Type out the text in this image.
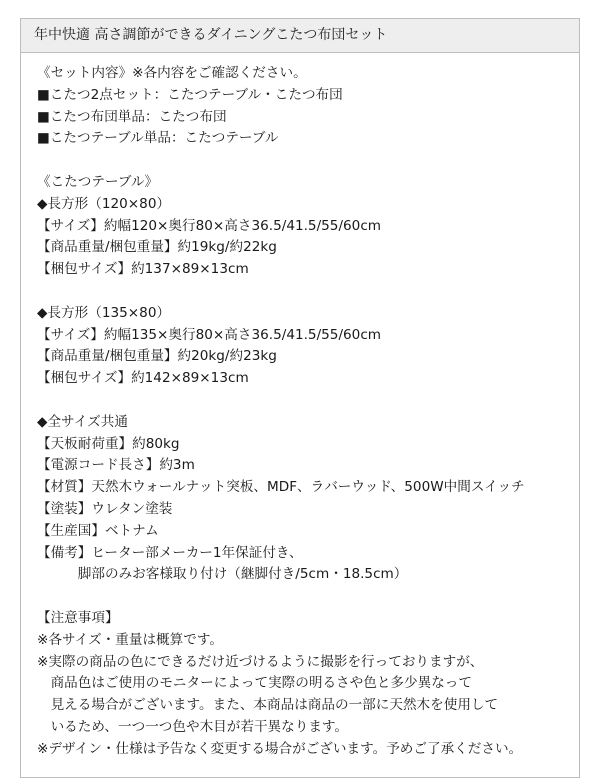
年中快適 高さ調節ができるダイニングこたつ布団セット
《セット内容》※各内容をご確認ください。
■こたつ2点セット：こたつテーブル・こたつ布団
■こたつ布団単品：こたつ布団
■こたつテーブル単品：こたつテーブル
《こたつテーブル》
◆長方形（120×80）
【サイズ】約幅120×奥行80×高さ36.5/41.5/55/60cm
【商品重量/梱包重量】約19kg/約22kg
【梱包サイズ】約137×89×13cm
◆長方形（135×80）
【サイズ】約幅135×奥行80×高さ36.5/41.5/55/60cm
【商品重量/梱包重量】約20kg/約23kg
【梱包サイズ】約142×89×13cm
◆全サイズ共通
【天板耐荷重】約80kg
【電源コード長さ】約3m
【材質】天然木ウォールナット突板、MDF、ラバーウッド、500W中間スイッチ
【塗装】ウレタン塗装
【生産国】ベトナム
【備考】ヒーター部メーカー1年保証付き、
　　　脚部のみお客様取り付け（継脚付き/5cm・18.5cm）
【注意事項】
※各サイズ・重量は概算です。
※実際の商品の色にできるだけ近づけるように撮影を行っておりますが、
　商品色はご使用のモニターによって実際の明るさや色と多少異なって
　見える場合がございます。また、本商品は商品の一部に天然木を使用して
　いるため、一つ一つ色や木目が若干異なります。
※デザイン・仕様は予告なく変更する場合がございます。予めご了承ください。
